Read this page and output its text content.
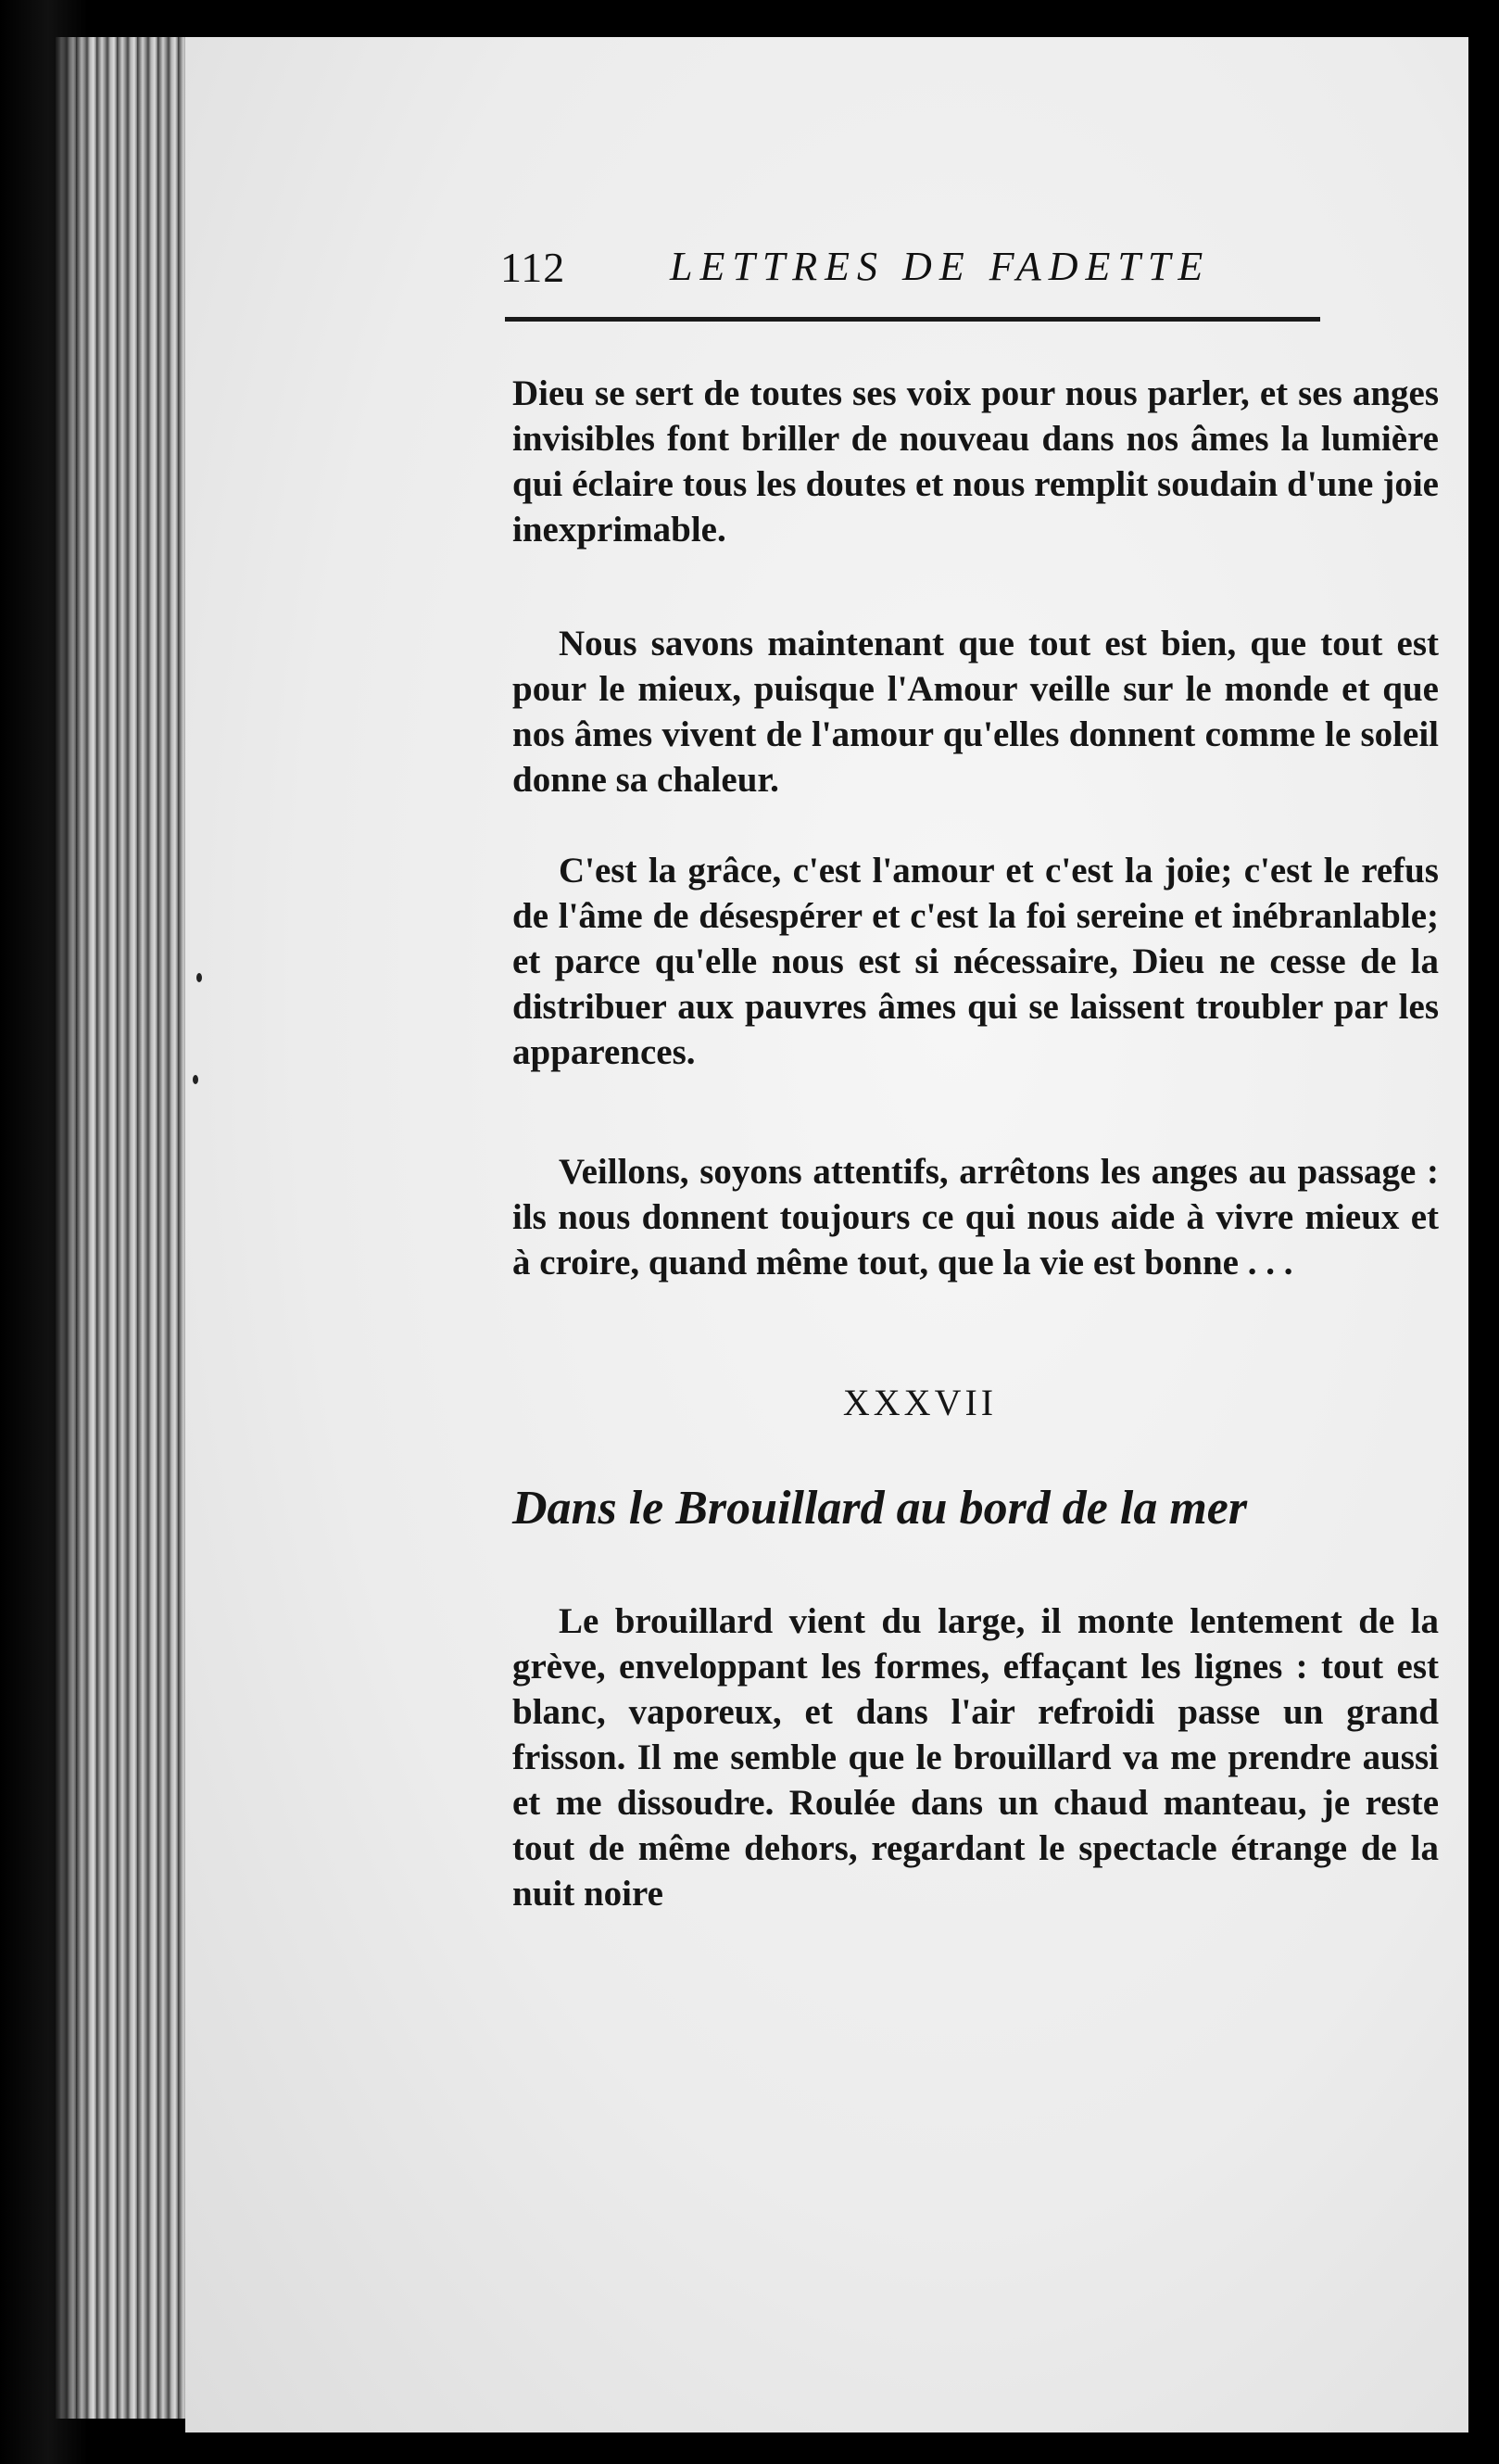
112	LETTRES DE FADETTE

Dieu se sert de toutes ses voix pour nous parler, et ses anges invisibles font briller de nouveau dans nos âmes la lumière qui éclaire tous les doutes et nous remplit soudain d'une joie inexprimable.

Nous savons maintenant que tout est bien, que tout est pour le mieux, puisque l'Amour veille sur le monde et que nos âmes vivent de l'amour qu'elles donnent comme le soleil donne sa chaleur.

C'est la grâce, c'est l'amour et c'est la joie; c'est le refus de l'âme de désespérer et c'est la foi sereine et inébranlable; et parce qu'elle nous est si nécessaire, Dieu ne cesse de la distribuer aux pauvres âmes qui se laissent troubler par les apparences.

Veillons, soyons attentifs, arrêtons les anges au passage : ils nous donnent toujours ce qui nous aide à vivre mieux et à croire, quand même tout, que la vie est bonne . . .

XXXVII
Dans le Brouillard au bord de la mer

Le brouillard vient du large, il monte lentement de la grève, enveloppant les formes, effaçant les lignes : tout est blanc, vaporeux, et dans l'air refroidi passe un grand frisson. Il me semble que le brouillard va me prendre aussi et me dissoudre. Roulée dans un chaud manteau, je reste tout de même dehors, regardant le spectacle étrange de la nuit noire
